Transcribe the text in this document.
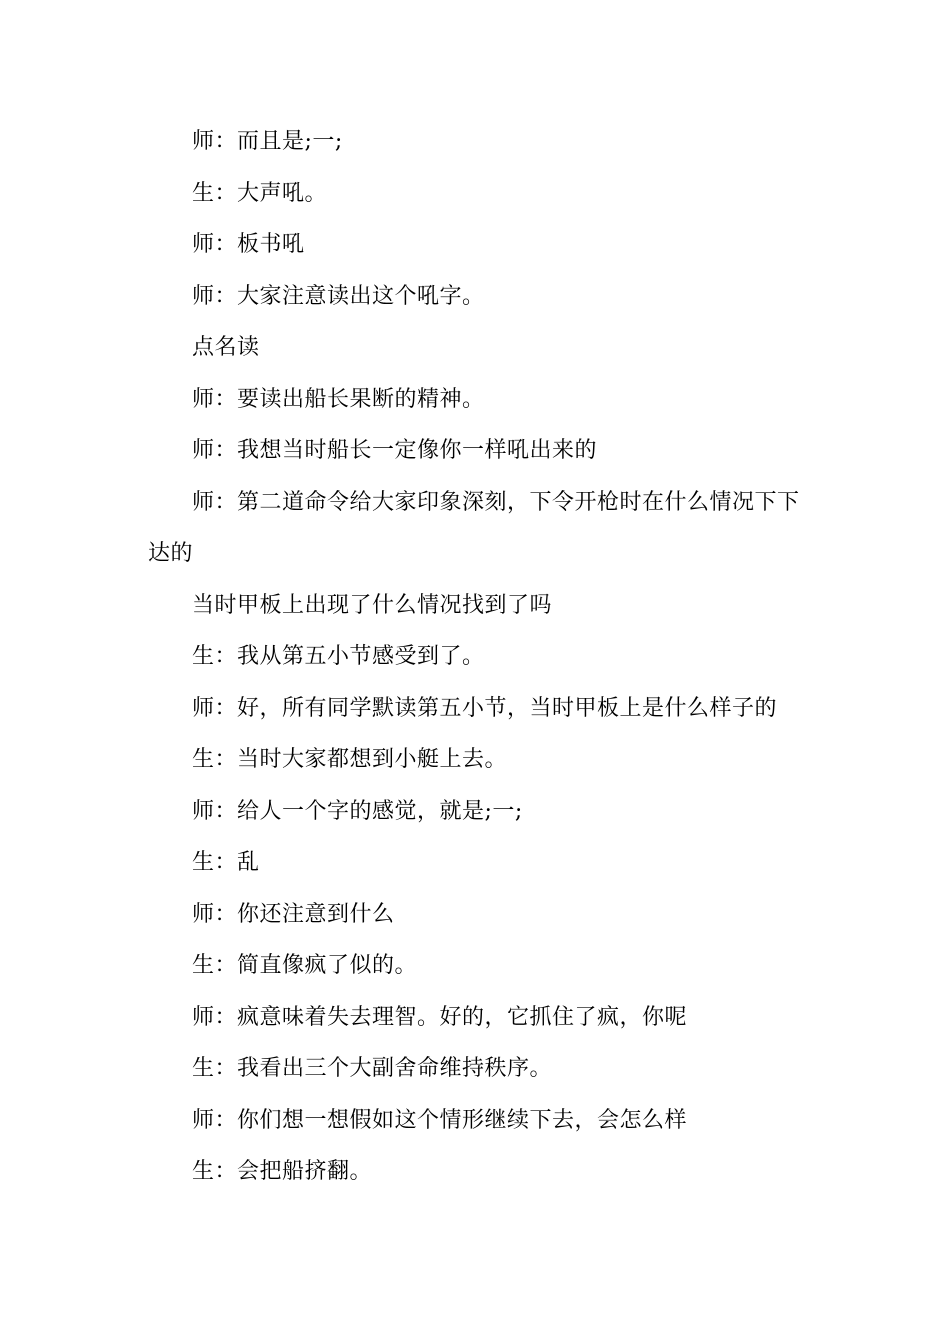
师：而且是;一;
生：大声吼。
师：板书吼
师：大家注意读出这个吼字。
点名读
师：要读出船长果断的精神。
师：我想当时船长一定像你一样吼出来的
师：第二道命令给大家印象深刻，下令开枪时在什么情况下下
达的
当时甲板上出现了什么情况找到了吗
生：我从第五小节感受到了。
师：好，所有同学默读第五小节，当时甲板上是什么样子的
生：当时大家都想到小艇上去。
师：给人一个字的感觉，就是;一;
生：乱
师：你还注意到什么
生：简直像疯了似的。
师：疯意味着失去理智。好的，它抓住了疯，你呢
生：我看出三个大副舍命维持秩序。
师：你们想一想假如这个情形继续下去，会怎么样
生：会把船挤翻。
